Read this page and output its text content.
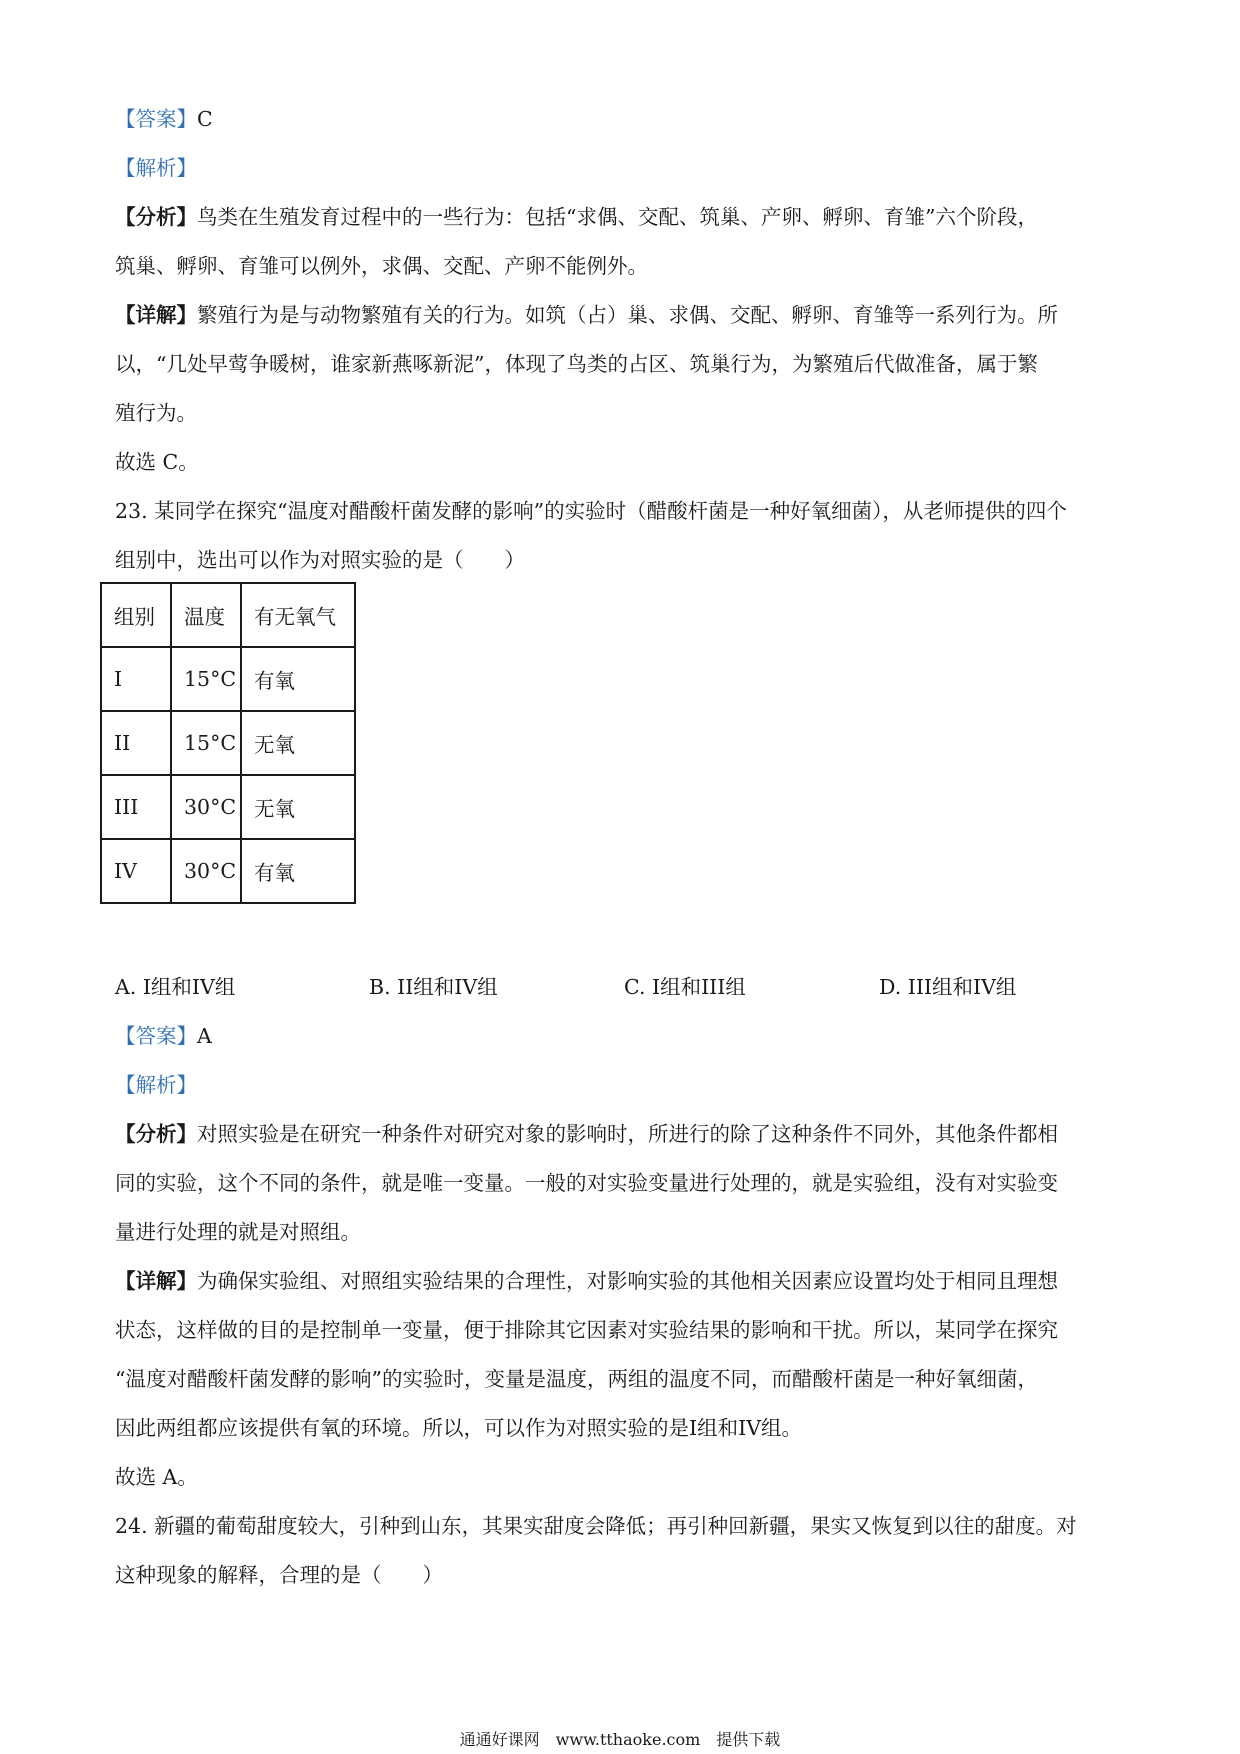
【答案】C
【解析】
【分析】鸟类在生殖发育过程中的一些行为：包括“求偶、交配、筑巢、产卵、孵卵、育雏”六个阶段，
筑巢、孵卵、育雏可以例外，求偶、交配、产卵不能例外。
【详解】繁殖行为是与动物繁殖有关的行为。如筑（占）巢、求偶、交配、孵卵、育雏等一系列行为。所
以，“几处早莺争暖树，谁家新燕啄新泥”，体现了鸟类的占区、筑巢行为，为繁殖后代做准备，属于繁
殖行为。
故选 C。
23. 某同学在探究“温度对醋酸杆菌发酵的影响”的实验时（醋酸杆菌是一种好氧细菌），从老师提供的四个
组别中，选出可以作为对照实验的是（　　）
组别	温度	有无氧气
I	15°C	有氧
II	15°C	无氧
III	30°C	无氧
IV	30°C	有氧
A. I组和IV组	B. II组和IV组	C. I组和III组	D. III组和IV组
【答案】A
【解析】
【分析】对照实验是在研究一种条件对研究对象的影响时，所进行的除了这种条件不同外，其他条件都相
同的实验，这个不同的条件，就是唯一变量。一般的对实验变量进行处理的，就是实验组，没有对实验变
量进行处理的就是对照组。
【详解】为确保实验组、对照组实验结果的合理性，对影响实验的其他相关因素应设置均处于相同且理想
状态，这样做的目的是控制单一变量，便于排除其它因素对实验结果的影响和干扰。所以，某同学在探究
“温度对醋酸杆菌发酵的影响”的实验时，变量是温度，两组的温度不同，而醋酸杆菌是一种好氧细菌，
因此两组都应该提供有氧的环境。所以，可以作为对照实验的是I组和IV组。
故选 A。
24. 新疆的葡萄甜度较大，引种到山东，其果实甜度会降低；再引种回新疆，果实又恢复到以往的甜度。对
这种现象的解释，合理的是（　　）
通通好课网　www.tthaoke.com　提供下载
